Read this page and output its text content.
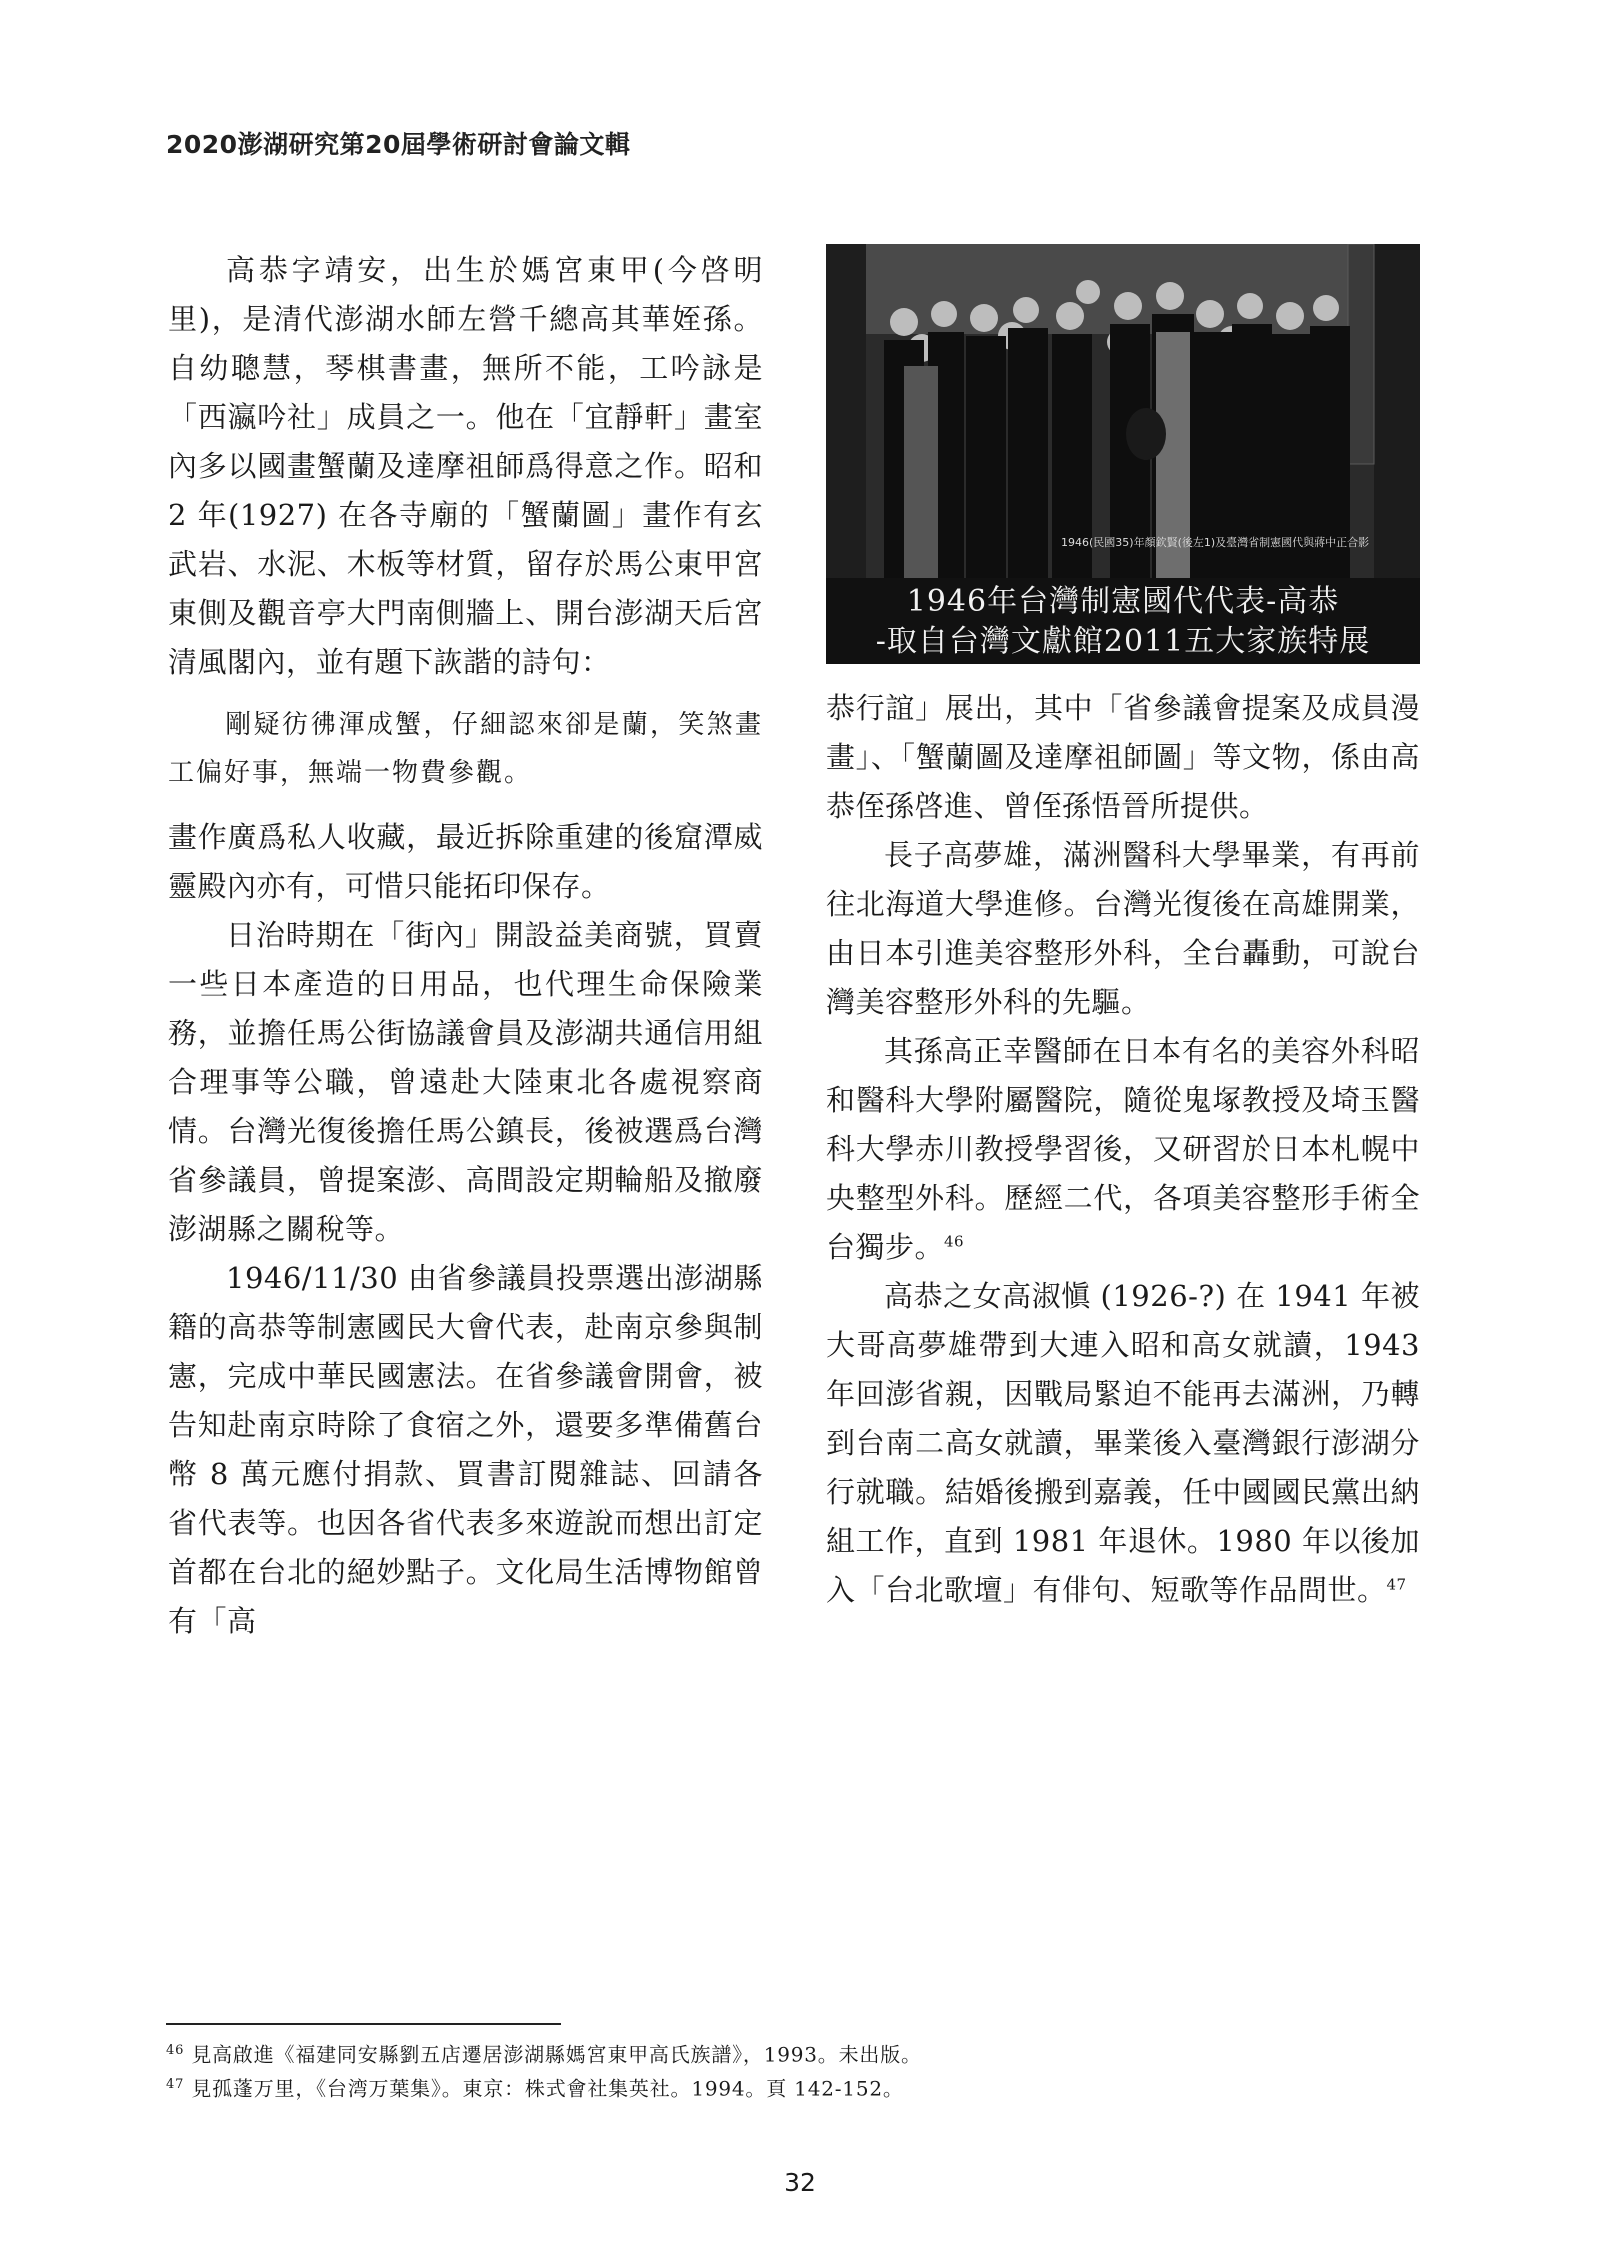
2020澎湖研究第20屆學術研討會論文輯

高恭字靖安，出生於媽宮東甲(今啓明里)，是清代澎湖水師左營千總高其華姪孫。自幼聰慧，琴棋書畫，無所不能，工吟詠是「西瀛吟社」成員之一。他在「宜靜軒」畫室內多以國畫蟹蘭及達摩祖師爲得意之作。昭和 2 年(1927) 在各寺廟的「蟹蘭圖」畫作有玄武岩、水泥、木板等材質，留存於馬公東甲宮東側及觀音亭大門南側牆上、開台澎湖天后宮清風閣內，並有題下詼諧的詩句：

剛疑彷彿渾成蟹，仔細認來卻是蘭，笑煞畫工偏好事，無端一物費參觀。

畫作廣爲私人收藏，最近拆除重建的後窟潭威靈殿內亦有，可惜只能拓印保存。

日治時期在「街內」開設益美商號，買賣一些日本產造的日用品，也代理生命保險業務，並擔任馬公街協議會員及澎湖共通信用組合理事等公職，曾遠赴大陸東北各處視察商情。台灣光復後擔任馬公鎮長，後被選爲台灣省參議員，曾提案澎、高間設定期輪船及撤廢澎湖縣之關稅等。

1946/11/30 由省參議員投票選出澎湖縣籍的高恭等制憲國民大會代表，赴南京參與制憲，完成中華民國憲法。在省參議會開會，被告知赴南京時除了食宿之外，還要多準備舊台幣 8 萬元應付捐款、買書訂閱雜誌、回請各省代表等。也因各省代表多來遊說而想出訂定首都在台北的絕妙點子。文化局生活博物館曾有「高

1946(民國35)年顏欽賢(後左1)及臺灣省制憲國代與蔣中正合影
1946年台灣制憲國代代表-高恭
-取自台灣文獻館2011五大家族特展

恭行誼」展出，其中「省參議會提案及成員漫畫」、「蟹蘭圖及達摩祖師圖」等文物，係由高恭侄孫啓進、曾侄孫悟晉所提供。

長子高夢雄，滿洲醫科大學畢業，有再前往北海道大學進修。台灣光復後在高雄開業，由日本引進美容整形外科，全台轟動，可說台灣美容整形外科的先驅。

其孫高正幸醫師在日本有名的美容外科昭和醫科大學附屬醫院，隨從鬼塚教授及埼玉醫科大學赤川教授學習後，又研習於日本札幌中央整型外科。歷經二代，各項美容整形手術全台獨步。$^{46}$

高恭之女高淑愼 (1926-?) 在 1941 年被大哥高夢雄帶到大連入昭和高女就讀，1943 年回澎省親，因戰局緊迫不能再去滿洲，乃轉到台南二高女就讀，畢業後入臺灣銀行澎湖分行就職。結婚後搬到嘉義，任中國國民黨出納組工作，直到 1981 年退休。1980 年以後加入「台北歌壇」有俳句、短歌等作品問世。$^{47}$

$^{46}$ 見高啟進《福建同安縣劉五店遷居澎湖縣媽宮東甲高氏族譜》，1993。未出版。

$^{47}$ 見孤蓬万里，《台湾万葉集》。東京：株式會社集英社。1994。頁 142-152。

32
